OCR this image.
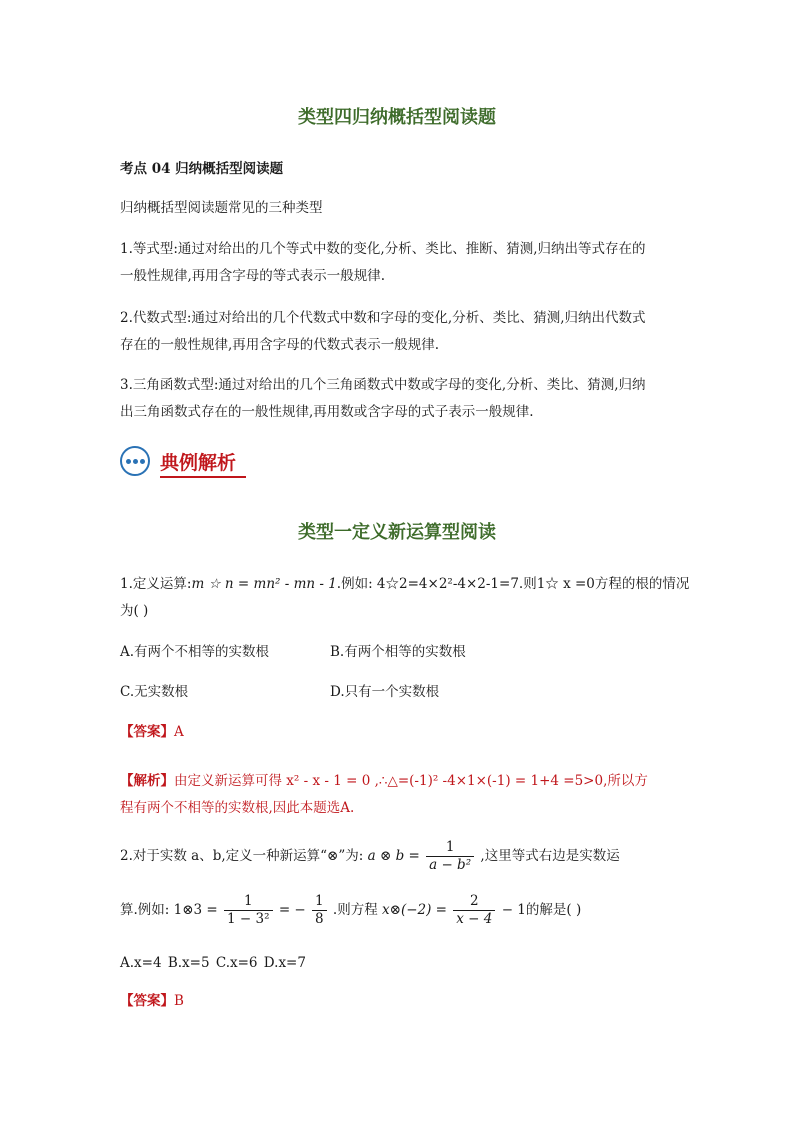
类型四归纳概括型阅读题
考点 04 归纳概括型阅读题
归纳概括型阅读题常见的三种类型
1.等式型:通过对给出的几个等式中数的变化,分析、类比、推断、猜测,归纳出等式存在的
一般性规律,再用含字母的等式表示一般规律.
2.代数式型:通过对给出的几个代数式中数和字母的变化,分析、类比、猜测,归纳出代数式
存在的一般性规律,再用含字母的代数式表示一般规律.
3.三角函数式型:通过对给出的几个三角函数式中数或字母的变化,分析、类比、猜测,归纳
出三角函数式存在的一般性规律,再用数或含字母的式子表示一般规律.
典例解析
类型一定义新运算型阅读
1.定义运算:m ☆ n = mn² - mn - 1.例如: 4☆2=4×2²-4×2-1=7.则1☆ x =0方程的根的情况
为( )
A.有两个不相等的实数根	B.有两个相等的实数根
C.无实数根	D.只有一个实数根
【答案】A
【解析】由定义新运算可得 x² - x - 1 = 0 ,∴△=(-1)² -4×1×(-1) = 1+4 =5>0,所以方
程有两个不相等的实数根,因此本题选A.
2.对于实数 a、b,定义一种新运算“⊗”为: a ⊗ $b = \frac{1}{\text{a − b²}}$ ,这里等式右边是实数运
算.例如: 1⊗3 = $\frac{1}{\text{1 − 3²}}$ = − $\frac{1}{8}$ .则方程 x⊗(−2) = $\frac{2}{x - 4} - 1$的解是( )
A.x=4 B.x=5 C.x=6 D.x=7
【答案】B
